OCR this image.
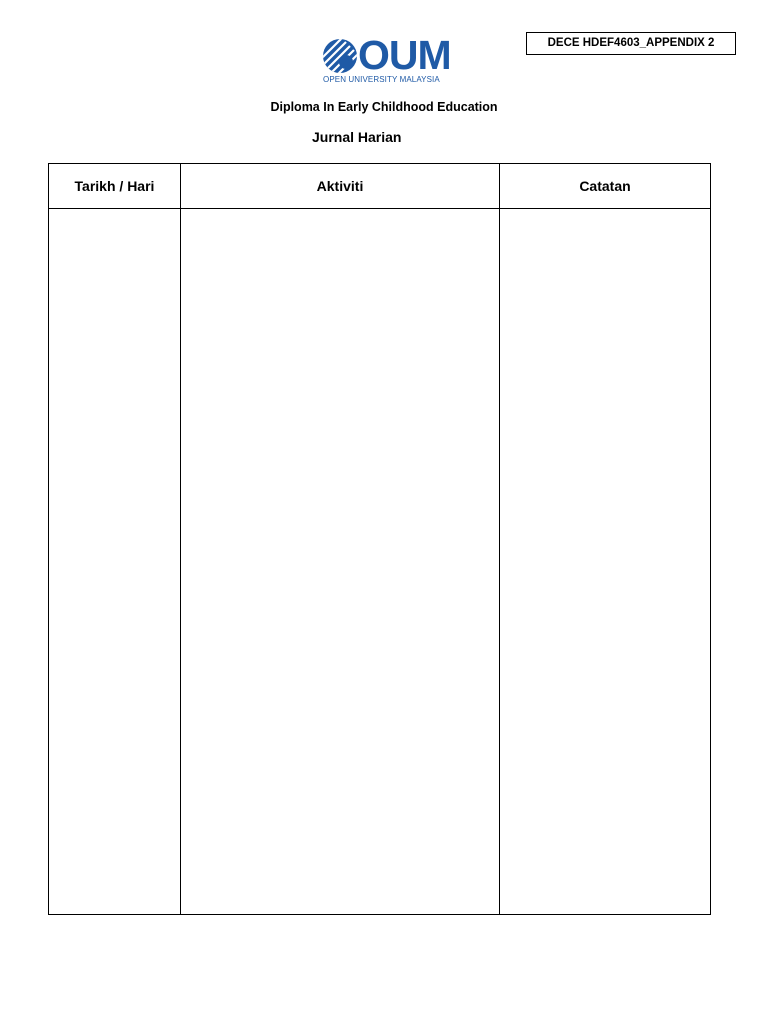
DECE HDEF4603_APPENDIX 2
OUM
OPEN UNIVERSITY MALAYSIA
Diploma In Early Childhood Education
Jurnal Harian
Tarikh / Hari	Aktiviti	Catatan
